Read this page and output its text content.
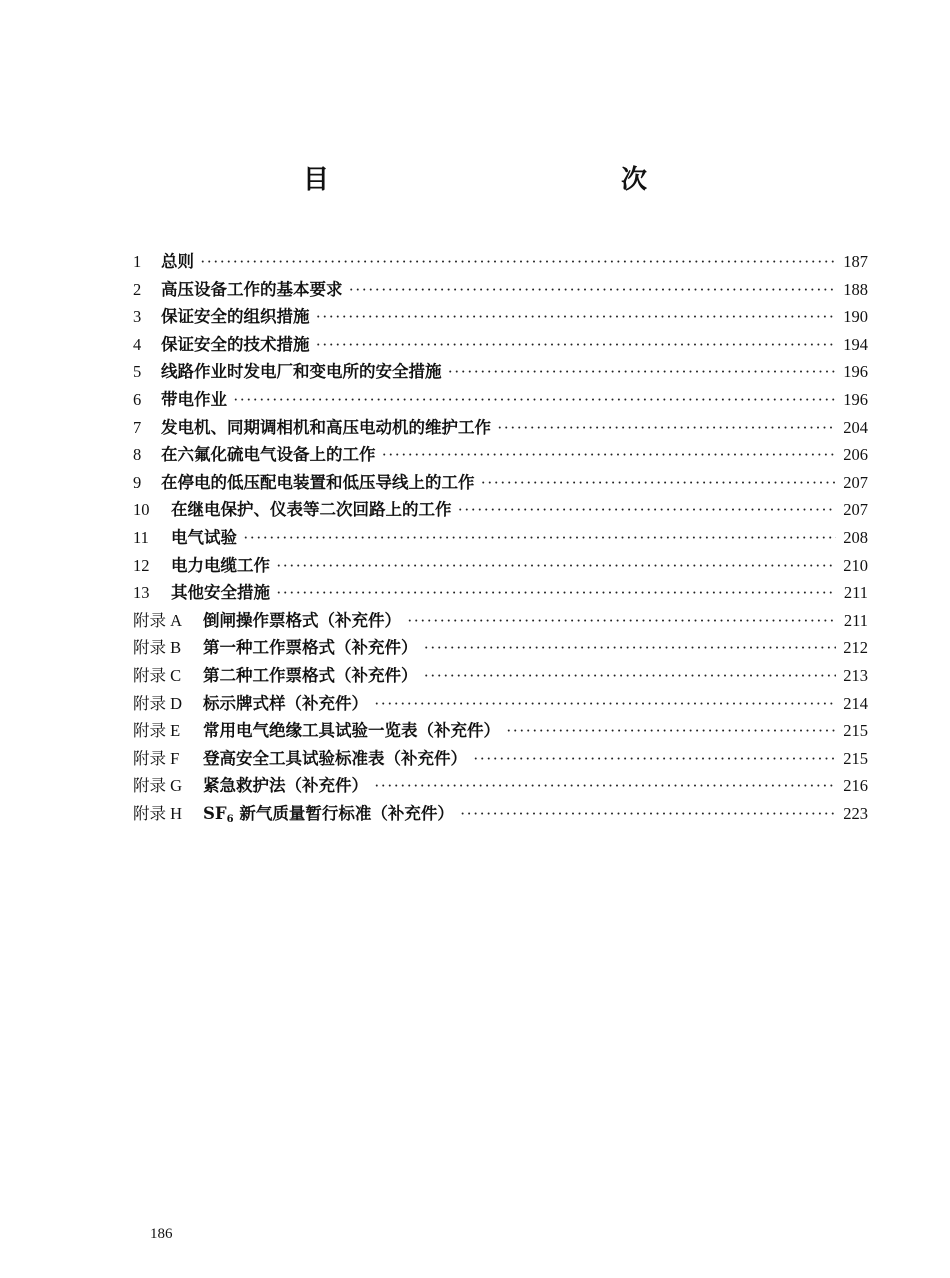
目　　次
1	总则 ·····	187
2	高压设备工作的基本要求 ·····	188
3	保证安全的组织措施 ·····	190
4	保证安全的技术措施 ·····	194
5	线路作业时发电厂和变电所的安全措施 ·····	196
6	带电作业 ·····	196
7	发电机、同期调相机和高压电动机的维护工作 ·····	204
8	在六氟化硫电气设备上的工作 ·····	206
9	在停电的低压配电装置和低压导线上的工作 ·····	207
10	在继电保护、仪表等二次回路上的工作 ·····	207
11	电气试验 ·····	208
12	电力电缆工作 ·····	210
13	其他安全措施 ·····	211
附录 A	倒闸操作票格式（补充件） ·····	211
附录 B	第一种工作票格式（补充件） ·····	212
附录 C	第二种工作票格式（补充件） ·····	213
附录 D	标示牌式样（补充件） ·····	214
附录 E	常用电气绝缘工具试验一览表（补充件） ·····	215
附录 F	登高安全工具试验标准表（补充件） ·····	215
附录 G	紧急救护法（补充件） ·····	216
附录 H	$SF_6$ 新气质量暂行标准（补充件） ·····	223
186
